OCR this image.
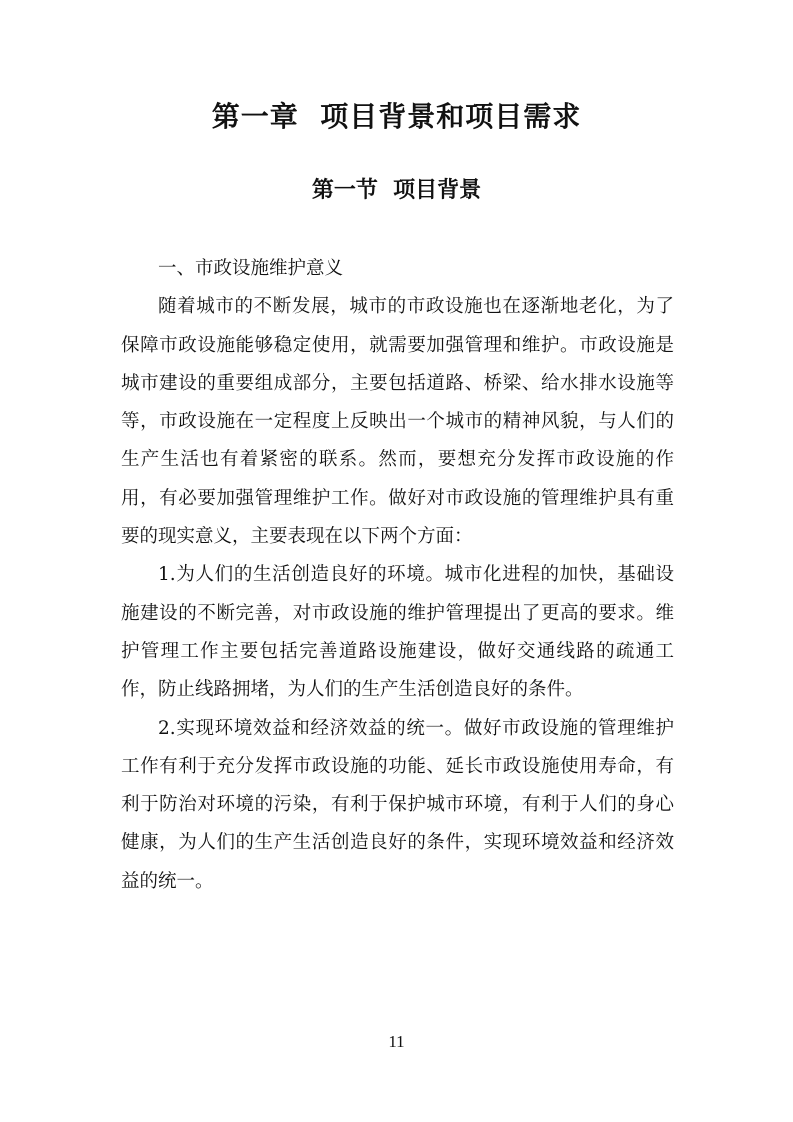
第一章  项目背景和项目需求
第一节  项目背景

一、市政设施维护意义

随着城市的不断发展，城市的市政设施也在逐渐地老化，为了保障市政设施能够稳定使用，就需要加强管理和维护。市政设施是城市建设的重要组成部分，主要包括道路、桥梁、给水排水设施等等，市政设施在一定程度上反映出一个城市的精神风貌，与人们的生产生活也有着紧密的联系。然而，要想充分发挥市政设施的作用，有必要加强管理维护工作。做好对市政设施的管理维护具有重要的现实意义，主要表现在以下两个方面：

1.为人们的生活创造良好的环境。城市化进程的加快，基础设施建设的不断完善，对市政设施的维护管理提出了更高的要求。维护管理工作主要包括完善道路设施建设，做好交通线路的疏通工作，防止线路拥堵，为人们的生产生活创造良好的条件。

2.实现环境效益和经济效益的统一。做好市政设施的管理维护工作有利于充分发挥市政设施的功能、延长市政设施使用寿命，有利于防治对环境的污染，有利于保护城市环境，有利于人们的身心健康，为人们的生产生活创造良好的条件，实现环境效益和经济效益的统一。

11
